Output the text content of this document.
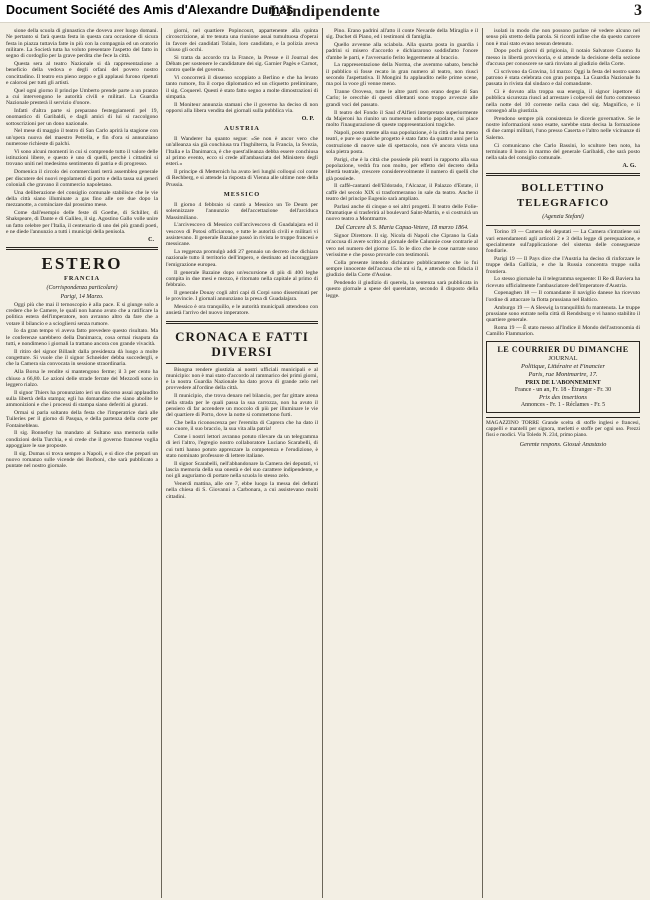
Document Société des Amis d'Alexandre Dumas
L'Indipendente	3

sione della scuola di ginnastica che doveva aver luogo domani. Ne pertanto si farà questa festa in questa cara occasione di sicura festa in piazza tuttavia fatte in più con la compagnia ed un oratorio militare. La Società tutta ha voluto presentare l'aspetto del fatto in segno di cordoglio per la grave perdita che fece la città.

Questa sera al teatro Nazionale si dà rappresentazione a beneficio della vedova e degli orfani del povero nostro concittadino. Il teatro era pieno zeppo e gli applausi furono ripetuti e calorosi per tutti gli artisti.

Quel ogni giorno il principe Umberto prende parte a un pranzo a cui intervengono le autorità civili e militari. La Guardia Nazionale presterà il servizio d'onore.

Infatti d'altra parte si preparano festeggiamenti pel 19, onomastico di Garibaldi, e dagli amici di lui si raccolgono sottoscrizioni per un dono nazionale.

Nel mese di maggio il teatro di San Carlo aprirà la stagione con un'opera nuova del maestro Petrella, e fin d'ora si annunziano numerose richieste di palchi.

Vi sono alcuni momenti in cui si comprende tutto il valore delle istituzioni libere, e questo è uno di quelli, perchè i cittadini si trovano uniti nel medesimo sentimento di patria e di progresso.

Domenica il circolo dei commercianti terrà assemblea generale per discutere dei nuovi regolamenti di porto e della tassa sui generi coloniali che gravano il commercio napoletano.

Una deliberazione del consiglio comunale stabilisce che le vie della città siano illuminate a gas fino alle ore due dopo la mezzanotte, a cominciare dal prossimo mese.

Come dall'esempio delle feste di Goethe, di Schiller, di Shakspeare, di Dante e di Galileo, il sig. Agostino Gallo volle unire un fatto celebre per l'Italia, il centenario di uno dei più grandi poeti, e ne diede l'annunzio a tutti i municipi della penisola.

C.
ESTERO
FRANCIA
(Corrispondenza particolare)
Parigi, 14 Marzo.

Oggi più che mai il ternoscopio è alla pace. E si giunge solo a credere che le Camere, le quali non hanno avuto che a ratificare la politica estera dell'imperatore, non avranno altro da fare che a votare il bilancio e a sciogliersi senza rumore.

Io da gran tempo vi aveva fatto prevedere questo risultato. Ma le conferenze sarebbero della Danimarca, cosa ormai risaputa da tutti, e nondimeno i giornali la trattano ancora con grande vivacità.

Il ritiro del signor Billault dalla presidenza dà luogo a molte congetture. Si vuole che il signor Schneider debba succedergli, e che la Camera sia convocata in sessione straordinaria.

Alla Borsa le rendite si mantengono ferme; il 3 per cento ha chiuso a 66,80. Le azioni delle strade ferrate del Mezzodì sono in leggero rialzo.

Il signor Thiers ha pronunziato ieri un discorso assai applaudito sulla libertà della stampa; egli ha domandato che siano abolite le ammonizioni e che i processi di stampa siano deferiti ai giurati.

Ormai si parla soltanto della festa che l'imperatrice darà alle Tuileries per il giorno di Pasqua, e della partenza della corte per Fontainebleau.

Il sig. Bonnefoy ha mandato al Sultano una memoria sulle condizioni della Turchia, e si crede che il governo francese voglia appoggiare le sue proposte.

Il sig. Dumas si trova sempre a Napoli, e si dice che prepari un nuovo romanzo sulle vicende dei Borboni, che sarà pubblicato a puntate nel nostro giornale.

giorni, nel quartiere Popincourt, appartenente alla quinta circoscrizione, ai tre tenuta una riunione assai tumultuosa d'operai in favore dei candidati Tolain, loro candidato, e la polizia aveva chiuso gli occhi.

Si tratta da accordo tra la France, la Presse e il Journal des Débats per sostenere le candidature dei sig. Garnier Pagès e Carnot, contro quelle del governo.

Vi concorrerà il dissenso scoppiato a Berlino e che ha levato tanto rumore, fra il corpo diplomatico ed un cliquetto preliminare, il sig. Coquerel. Questi è stato fatto segno a molte dimostrazioni di simpatia.

Il Moniteur annunzia stamani che il governo ha deciso di non opporsi alla libera vendita dei giornali sulla pubblica via.

O. P.
AUSTRIA

Il Wanderer ha quanto segue: «Se non è ancor vero che un'alleanza sia già conchiusa tra l'Inghilterra, la Francia, la Svezia, l'Italia e la Danimarca, è che quest'alleanza debba essere conchiusa al primo evento, ecco si crede all'ambasciata del Ministero degli esteri.»

Il principe di Metternich ha avuto ieri lunghi colloqui col conte di Rechberg, e si attende la risposta di Vienna alle ultime note della Prussia.

MESSICO

Il giorno 4 febbraio si cantò a Messico un Te Deum per solennizzare l'annunzio dell'accettazione dell'arciduca Massimiliano.

L'arcivescovo di Messico coll'arcivescovo di Guadalajara ed il vescovo di Potosi officiarono, e tutte le autorità civili e militari vi assistevano. Il generale Bazaine passò in rivista le truppe francesi e messicane.

La reggenza promulgò addì 27 gennaio un decreto che dichiara nazionale tutto il territorio dell'impero, e destinato ad incoraggiare l'emigrazione europea.

Il generale Bazaine dopo un'escursione di più di 400 leghe compita in due mesi e mezzo, è ritornato nella capitale al primo di febbraio.

Il generale Douay cogli altri capi di Corpi sono disseminati per le provincie. I giornali annunziano la presa di Guadalajara.

Messico è ora tranquillo, e le autorità municipali attendono con ansietà l'arrivo del nuovo imperatore.

CRONACA E FATTI DIVERSI

Bisogna rendere giustizia ai nostri ufficiali municipali e al municipio: non è mai stato d'accordo al rammarico dei primi giorni, e la nostra Guardia Nazionale ha dato prova di grande zelo nel provvedere all'ordine della città.

Il municipio, che trova denaro nel bilancio, per far gittare arena nella strada per le quali passa la sua carrozza, non ha avuto il pensiero di far accendere un moccolo di più per illuminare le vie del quartiere di Porto, dove la notte si commettono furti.

Che bella riconoscenza per l'eremita di Caprera che ha dato il suo cuore, il suo braccio, la sua vita alla patria!

Come i nostri lettori avranno potuto rilevare da un telegramma di ieri l'altro, l'egregio nostro collaboratore Luciano Scarabelli, di cui tutti hanno potuto apprezzare la competenza e l'erudizione, è stato nominato professore di lettere italiane.

Il signor Scarabelli, nell'abbandonare la Camera dei deputati, vi lascia memoria della sua onestà e del suo carattere indipendente, e noi gli auguriamo di portare nella scuola lo stesso zelo.

Venerdì mattina, alle ore 7, ebbe luogo la messa dei defunti nella chiesa di S. Giovanni a Carbonara, a cui assistevano molti cittadini.

Pino. Erano padrini all'atto il conte Nevarde della Miraglia e il sig. Duchet di Piano, ed i testimoni di famiglia.

Quello avvenne alla sciabola. Alla quarta posta in guardia i padrini si misero d'accordo e dichiararono soddisfatto l'onore d'ambe le parti, e l'avversario ferito leggermente al braccio.

La rappresentazione della Norma, che avemmo sabato, benchè il pubblico si fosse recato in gran numero al teatro, non riuscì secondo l'aspettativa. Il Mongini fu applaudito nelle prime scene, ma poi la voce gli venne meno.

Tranne Oroveso, tutte le altre parti non erano degne di San Carlo; le orecchie di questi dilettanti sono troppo avvezze alle grandi voci del passato.

Il teatro del Fondo il Saul d'Alfieri interpretato superiormente da Majeroni ha riunito un numeroso uditorio popolare, cui piace molto l'inaugurazione di queste rappresentazioni tragiche.

Napoli, posto mente alla sua popolazione, è la città che ha meno teatri, e pure se qualche progetto è stato fatto da quattro anni per la costruzione di nuove sale di spettacolo, non s'è ancora vista una sola pietra posta.

Parigi, che è la città che possiede più teatri in rapporto alla sua popolazione, vedrà fra non molto, per effetto del decreto della libertà teatrale, crescere considerevolmente il numero di quelli che già possiede.

Il caffè-cantanti dell'Eldorado, l'Alcazar, il Palazzo d'Estate, il caffè del secolo XIX si trasformeranno in sale da teatro. Anche il teatro del principe Eugenio sarà ampliato.

Parlasi anche di cinque o sei altri progetti. Il teatro delle Folie-Dramatique si trasferirà al boulevard Saint-Martin, e si costruirà un nuovo teatro a Montmartre.

Dal Carcere di S. Maria Capua-Vetere, 18 marzo 1864.

Signor Direttore. Il sig. Nicola di Napoli che Ciprano la Gala m'accusa di avere scritto al giornale delle Calunnie cose contrarie al vero nel numero del giorno 15. Io le dico che le cose narrate sono verissime e che posso provarle con testimonii.

Colla presente intendo dichiarare pubblicamente che io fui sempre innocente dell'accusa che mi si fa, e attendo con fiducia il giudizio della Corte d'Assise.

Pendendo il giudizio di querela, la sentenza sarà pubblicata in questo giornale a spese del querelante, secondo il disposto della legge.

isolati in modo che non possono parlare nè vedere alcuno nel senso più stretto della parola. Si ricordi infine che da questo carcere non è mai stato evaso nessun detenuto.

Dopo pochi giorni di prigionia, il notaio Salvatore Cuomo fu messo in libertà provvisoria, e si attende la decisione della sezione d'accusa per conoscere se sarà rinviato al giudizio della Corte.

Ci scrivono da Gravina, 14 marzo: Oggi la festa del nostro santo patrono è stata celebrata con gran pompa. La Guardia Nazionale fu passata in rivista dal sindaco e dal comandante.

Ci è dovuto alla troppa sua energia, il signor ispettore di pubblica sicurezza riuscì ad arrestare i colpevoli del furto commesso nella notte del 10 corrente nella casa del sig. Magnifico, e li consegnò alla giustizia.

Prendono sempre più consistenza le dicerie governative. Se le nostre informazioni sono esatte, sarebbe stata decisa la formazione di due campi militari, l'uno presso Caserta e l'altro nelle vicinanze di Salerno.

Ci comunicano che Carlo Bassini, lo scultore ben noto, ha terminato il busto in marmo del generale Garibaldi, che sarà posto nella sala del consiglio comunale.

A. G.
BOLLETTINO TELEGRAFICO
(Agenzia Stefani)

Torino 19 — Camera dei deputati — La Camera s'intratiene sui vari emendamenti agli articoli 2 e 3 della legge di perequazione, e specialmente sull'applicazione del sistema delle conseguenze fondiarie.

Parigi 19 — Il Pays dice che l'Austria ha deciso di rinforzare le truppe della Gallizia, e che la Russia concentra truppe sulla frontiera.

Lo stesso giornale ha il telegramma seguente: Il Re di Baviera ha ricevuto ufficialmente l'ambasciatore dell'imperatore d'Austria.

Copenaghen 18 — Il comandante il naviglio danese ha ricevuto l'ordine di attaccare la flotta prussiana nel Baltico.

Amburgo 19 — A Sleswig la tranquillità fu mantenuta. Le truppe prussiane sono entrate nella città di Rendsburg e vi hanno stabilito il quartiere generale.

Roma 19 — È stato messo all'Indice il Mondo dell'astronomia di Camillo Flammarion.

LE COURRIER DU DIMANCHE
JOURNAL
Politique, Littéraire et Financier
Paris, rue Montmartre, 17.
PRIX DE L'ABONNEMENT
France - un an, Fr. 18 - Étranger - Fr. 30
Prix des insertions
Annonces - Fr. 1 - Réclames - Fr. 5
MAGAZZINO TORRE Grande scelta di stoffe inglesi e francesi, cappelli e mantelli per signora, merletti e stoffe per ogni uso. Prezzi fissi e modici. Via Toledo N. 234, primo piano.
Gerente respons. Giosuè Anastasio
